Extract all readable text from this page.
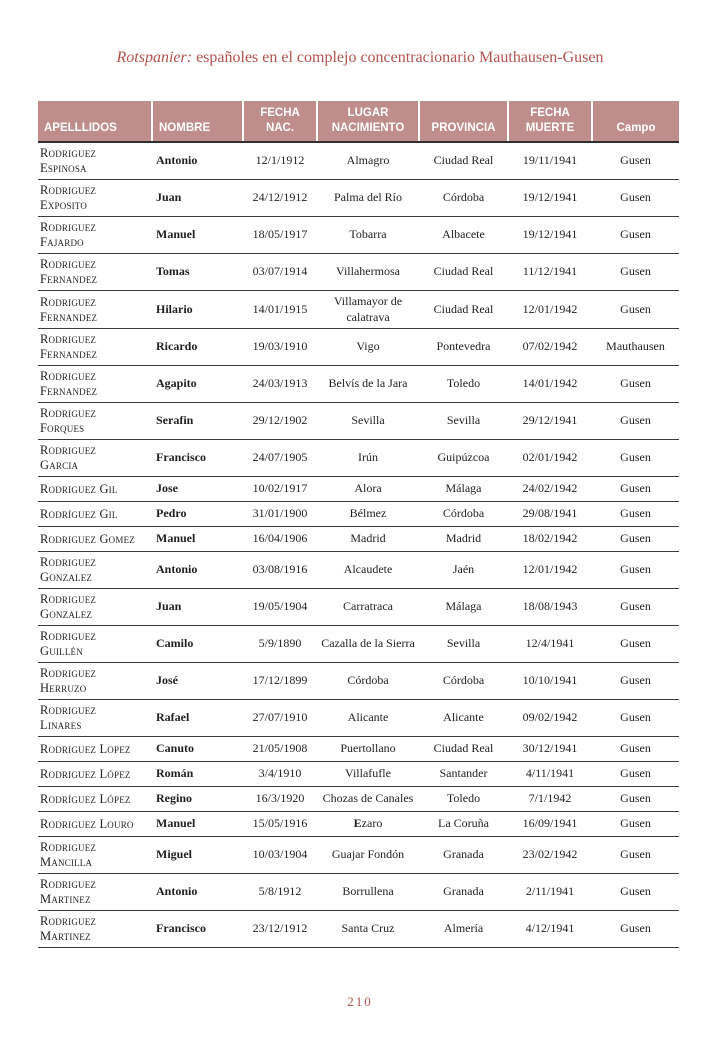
Rotspanier: españoles en el complejo concentracionario Mauthausen-Gusen
APELLLIDOS	NOMBRE	FECHA NAC.	LUGAR NACIMIENTO	PROVINCIA	FECHA MUERTE	Campo
Rodriguez
Espinosa	Antonio	12/1/1912	Almagro	Ciudad Real	19/11/1941	Gusen
Rodriguez
Exposito	Juan	24/12/1912	Palma del Río	Córdoba	19/12/1941	Gusen
Rodriguez
Fajardo	Manuel	18/05/1917	Tobarra	Albacete	19/12/1941	Gusen
Rodriguez
Fernandez	Tomas	03/07/1914	Villahermosa	Ciudad Real	11/12/1941	Gusen
Rodriguez
Fernandez	Hilario	14/01/1915	Villamayor de calatrava	Ciudad Real	12/01/1942	Gusen
Rodriguez
Fernandez	Ricardo	19/03/1910	Vigo	Pontevedra	07/02/1942	Mauthausen
Rodriguez
Fernandez	Agapito	24/03/1913	Belvís de la Jara	Toledo	14/01/1942	Gusen
Rodriguez
Forques	Serafin	29/12/1902	Sevilla	Sevilla	29/12/1941	Gusen
Rodriguez
Garcia	Francisco	24/07/1905	Irún	Guipúzcoa	02/01/1942	Gusen
Rodriguez Gil	Jose	10/02/1917	Alora	Málaga	24/02/1942	Gusen
Rodríguez Gil	Pedro	31/01/1900	Bélmez	Córdoba	29/08/1941	Gusen
Rodriguez Gomez	Manuel	16/04/1906	Madrid	Madrid	18/02/1942	Gusen
Rodriguez
Gonzalez	Antonio	03/08/1916	Alcaudete	Jaén	12/01/1942	Gusen
Rodriguez
Gonzalez	Juan	19/05/1904	Carratraca	Málaga	18/08/1943	Gusen
Rodriguez
Guillén	Camilo	5/9/1890	Cazalla de la Sierra	Sevilla	12/4/1941	Gusen
Rodriguez
Herruzo	José	17/12/1899	Córdoba	Córdoba	10/10/1941	Gusen
Rodriguez
Linares	Rafael	27/07/1910	Alicante	Alicante	09/02/1942	Gusen
Rodriguez Lopez	Canuto	21/05/1908	Puertollano	Ciudad Real	30/12/1941	Gusen
Rodriguez López	Román	3/4/1910	Villafufle	Santander	4/11/1941	Gusen
Rodríguez López	Regino	16/3/1920	Chozas de Canales	Toledo	7/1/1942	Gusen
Rodriguez Louro	Manuel	15/05/1916	Ezaro	La Coruña	16/09/1941	Gusen
Rodriguez
Mancilla	Miguel	10/03/1904	Guajar Fondón	Granada	23/02/1942	Gusen
Rodriguez
Martinez	Antonio	5/8/1912	Borrullena	Granada	2/11/1941	Gusen
Rodriguez
Martinez	Francisco	23/12/1912	Santa Cruz	Almería	4/12/1941	Gusen
210
